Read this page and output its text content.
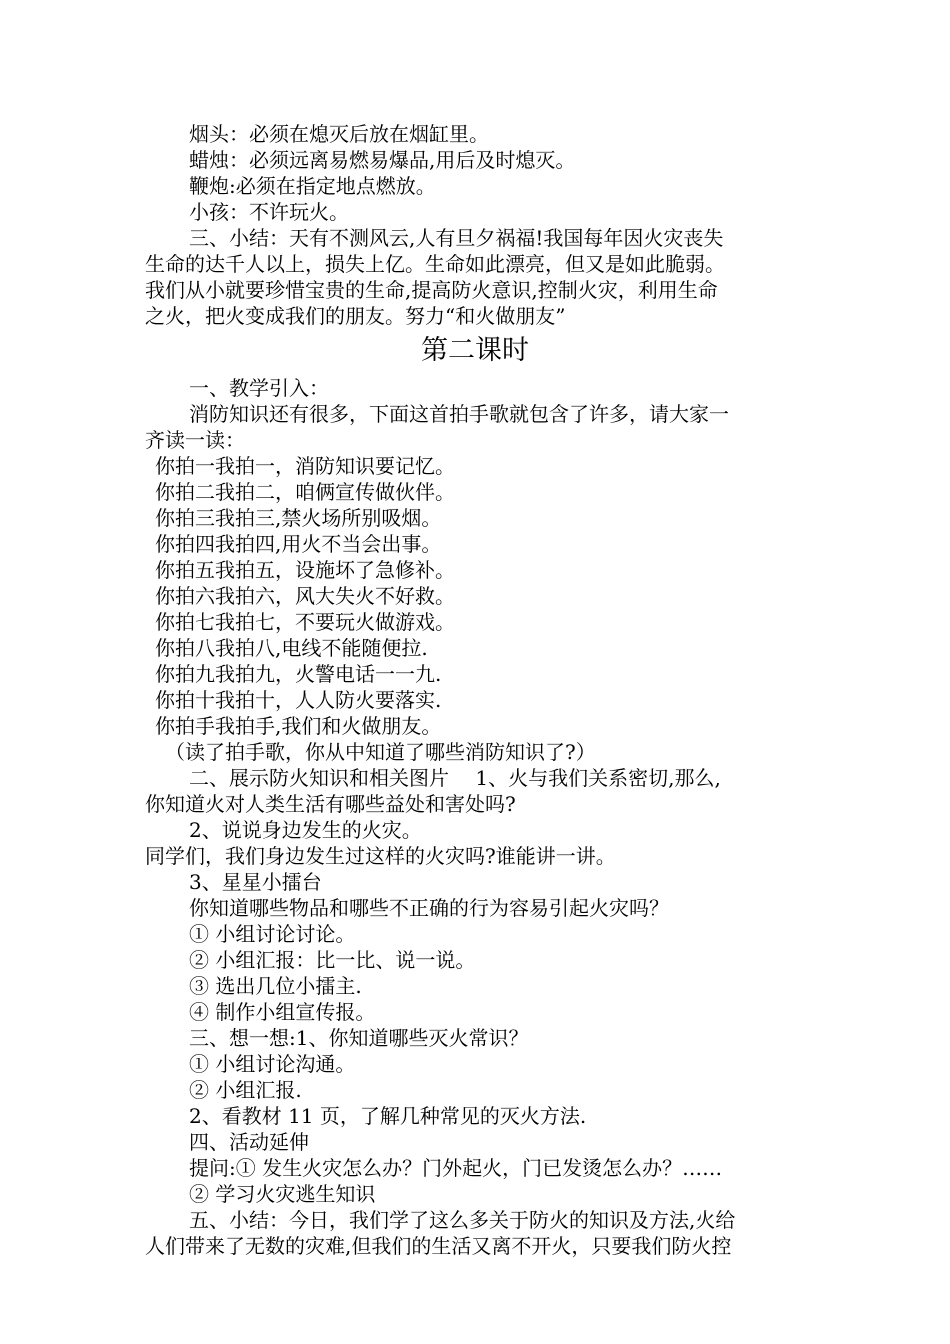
烟头：必须在熄灭后放在烟缸里。
蜡烛：必须远离易燃易爆品,用后及时熄灭。
鞭炮:必须在指定地点燃放。
小孩：不许玩火。
三、小结：天有不测风云,人有旦夕祸福!我国每年因火灾丧失
生命的达千人以上，损失上亿。生命如此漂亮，但又是如此脆弱。
我们从小就要珍惜宝贵的生命,提高防火意识,控制火灾，利用生命
之火，把火变成我们的朋友。努力“和火做朋友”
第二课时
一、教学引入：
消防知识还有很多，下面这首拍手歌就包含了许多，请大家一
齐读一读：
你拍一我拍一，消防知识要记忆。
你拍二我拍二，咱俩宣传做伙伴。
你拍三我拍三,禁火场所别吸烟。
你拍四我拍四,用火不当会出事。
你拍五我拍五，设施坏了急修补。
你拍六我拍六，风大失火不好救。
你拍七我拍七，不要玩火做游戏。
你拍八我拍八,电线不能随便拉.
你拍九我拍九，火警电话一一九.
你拍十我拍十，人人防火要落实.
你拍手我拍手,我们和火做朋友。
（读了拍手歌，你从中知道了哪些消防知识了?）
二、展示防火知识和相关图片　 1、火与我们关系密切,那么,
你知道火对人类生活有哪些益处和害处吗?
2、说说身边发生的火灾。
同学们，我们身边发生过这样的火灾吗?谁能讲一讲。
3、星星小擂台
你知道哪些物品和哪些不正确的行为容易引起火灾吗？
① 小组讨论讨论。
② 小组汇报：比一比、说一说。
③ 选出几位小擂主.
④ 制作小组宣传报。
三、想一想:1、你知道哪些灭火常识？
① 小组讨论沟通。
② 小组汇报.
2、看教材 11 页，了解几种常见的灭火方法.
四、活动延伸
提问:① 发生火灾怎么办？门外起火，门已发烫怎么办？……
② 学习火灾逃生知识
五、小结：今日，我们学了这么多关于防火的知识及方法,火给
人们带来了无数的灾难,但我们的生活又离不开火，只要我们防火控
